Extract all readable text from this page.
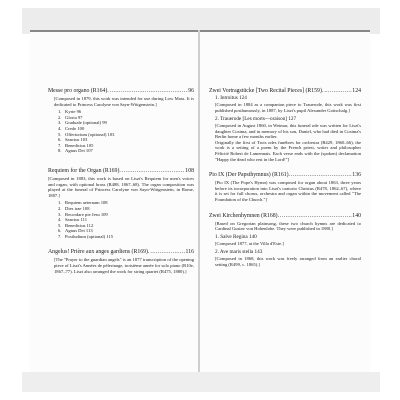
Messe pro organo (R164). .....	96
[Composed in 1879, this work was intended for use during Low Mass. It is dedicated to Princess Carolyne von Sayn-Wittgenstein.]
1. Kyrie 96
2. Gloria 97
3. Graduale (optional) 99
4. Credo 100
5. Offertorium (optional) 103
6. Sanctus 103
7. Benedictus 105
8. Agnus Dei 107
Requiem for the Organ (R169). .....	108
[Composed in 1883, this work is based on Liszt's Requiem for men's voices and organ, with optional brass (R488, 1867–68). The organ composition was played at the funeral of Princess Carolyne von Sayn-Wittgenstein, in Rome, 1887.]
1. Requiem aeternam 108
2. Dies irae 108
3. Recordare pie Jesu 109
4. Sanctus 111
5. Benedictus 112
6. Agnus Dei 113
7. Postludium (optional) 115
Angelus! Prière aux anges gardiens (R169). .....	116
[The "Prayer to the guardian angels" is an 1877 transcription of the opening piece of Liszt's Années de pèlerinage, troisième année for solo piano (R10e, 1867–77). Liszt also arranged the work for string quartet (R475, 1880).]
Zwei Vortragstücke [Two Recital Pieces] (R159). .....	124
1. Introitus 124
[Composed in 1884 as a companion piece to Trauerode, this work was first published posthumously, in 1887, by Liszt's pupil Alexander Gottschalg.]
2. Trauerode [Les morts—oraison] 127
[Composed in August 1860, in Weimar, this funeral ode was written for Liszt's daughter Cosima, and in memory of his son, Daniel, who had died in Cosima's Berlin home a few months earlier.
Originally the first of Trois odes funèbres for orchestra (R429, 1860–66), the work is a setting of a poem by the French priest, writer and philosopher Félicité Robert de Lamennais. Each verse ends with the (spoken) declamation "Happy the dead who rest in the Lord!"]
Pio IX (Der Papsthymnus) (R161). .....	136
[Pio IX (The Pope's Hymn) was composed for organ about 1863, three years before its incorporation into Liszt's oratorio Christus (R478, 1862–67), where it is set for full chorus, orchestra and organ within the movement called "The Foundation of the Church."]
Zwei Kirchenhymnen (R168). .....	140
[Based on Gregorian plainsong, these two church hymns are dedicated to Cardinal Gustav von Hohenlohe. They were published in 1880.]
1. Salve Regina 140
[Composed 1877, at the Villa d'Este.]
2. Ave maris stella 143
[Composed in 1868, this work was freely arranged from an earlier choral setting (R499, c. 1865).]
